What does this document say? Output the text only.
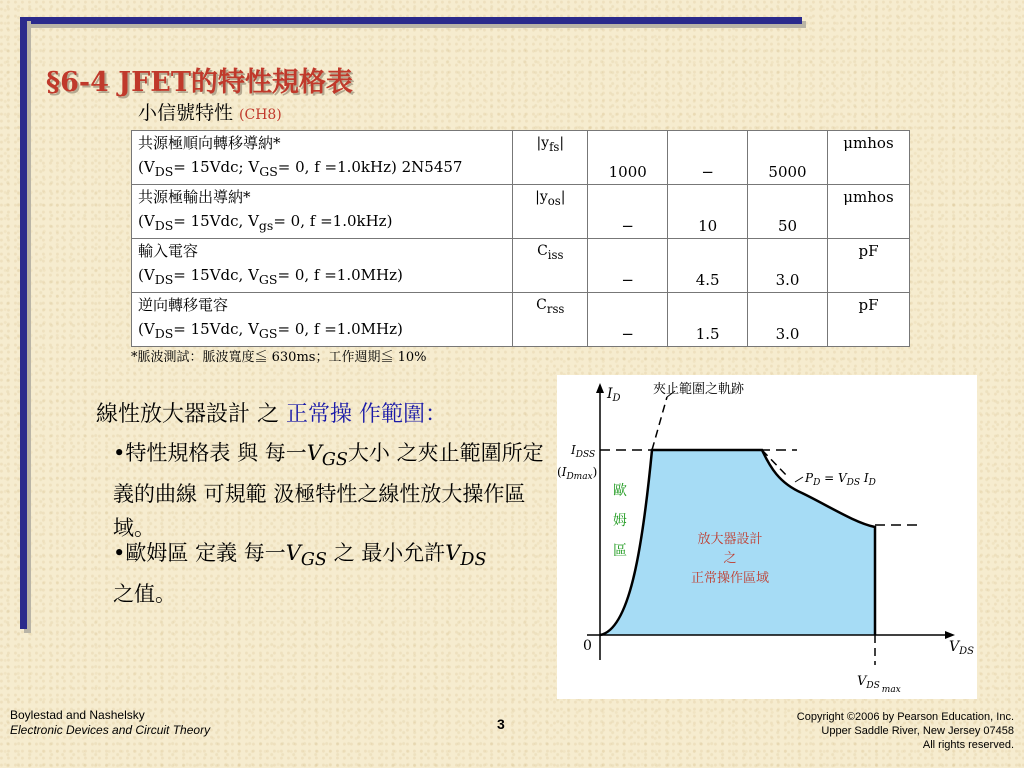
§6-4 JFET的特性規格表
小信號特性 (CH8)
共源極順向轉移導納*
($V_{DS}= 15Vdc$; $V_{GS}= 0$, f =1.0kHz) 2N5457	$|y_{fs}|$	1000	−	5000	μmhos

共源極輸出導納*
($V_{DS}= 15Vdc$, $V_{gs}= 0$, f =1.0kHz)	$|y_{os}|$	−	10	50	μmhos

輸入電容
($V_{DS}= 15Vdc$, $V_{GS}= 0$, f =1.0MHz)	$C_{iss}$	−	4.5	3.0	pF

逆向轉移電容
($V_{DS}= 15Vdc$, $V_{GS}= 0$, f =1.0MHz)	$C_{rss}$	−	1.5	3.0	pF
*脈波測試：脈波寬度≦ 630ms；工作週期≦ 10%
線性放大器設計 之 正常操 作範圍：
•特性規格表 與 每一$V_{GS}$大小 之夾止範圍所定義的曲線 可規範 汲極特性之線性放大操作區域。
•歐姆區 定義 每一$V_{GS}$ 之 最小允許$V_{DS}$
之值。
$I_D$
$V_{DS}$
0
$I_{DSS}$
$(I_{Dmax})$
夾止範圍之軌跡
$P_D = V_{DS}$ $I_D$
$V_{DS}$ $_{max}$
歐
姆
區
放大器設計
之
正常操作區域
Boylestad and Nashelsky
Electronic Devices and Circuit Theory	3	Copyright ©2006 by Pearson Education, Inc.
Upper Saddle River, New Jersey 07458
All rights reserved.
